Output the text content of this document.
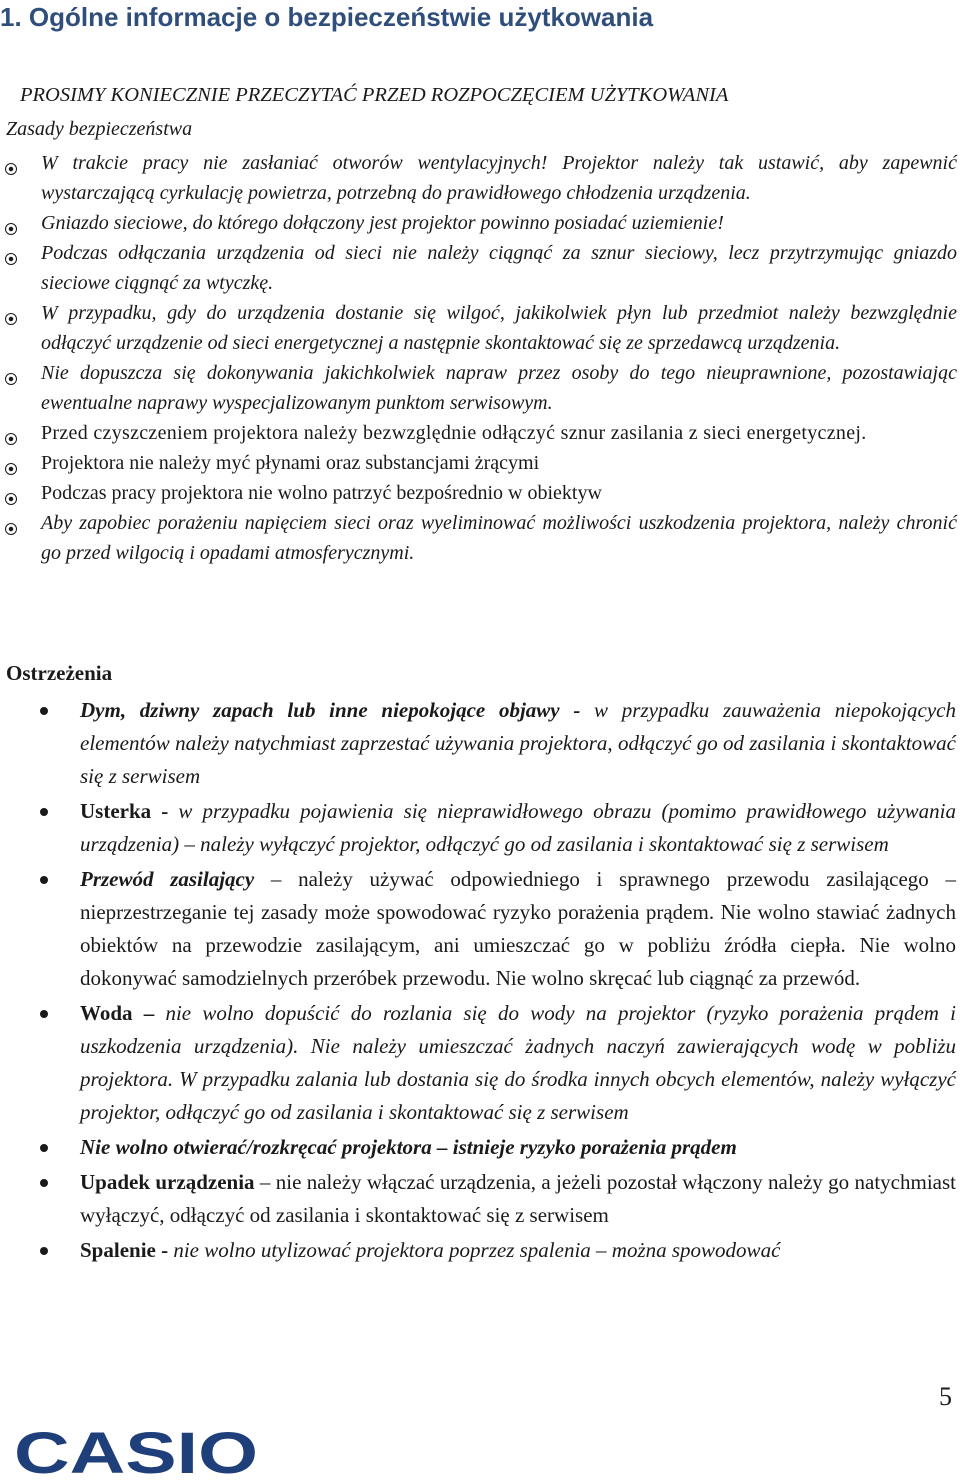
1. Ogólne informacje o bezpieczeństwie użytkowania
PROSIMY KONIECZNIE PRZECZYTAĆ PRZED ROZPOCZĘCIEM UŻYTKOWANIA
Zasady bezpieczeństwa
W trakcie pracy nie zasłaniać otworów wentylacyjnych! Projektor należy tak ustawić, aby zapewnić wystarczającą cyrkulację powietrza, potrzebną do prawidłowego chłodzenia urządzenia.
Gniazdo sieciowe, do którego dołączony jest projektor powinno posiadać uziemienie!
Podczas odłączania urządzenia od sieci nie należy ciągnąć za sznur sieciowy, lecz przytrzymując gniazdo sieciowe ciągnąć za wtyczkę.
W przypadku, gdy do urządzenia dostanie się wilgoć, jakikolwiek płyn lub przedmiot należy bezwzględnie odłączyć urządzenie od sieci energetycznej a następnie skontaktować się ze sprzedawcą urządzenia.
Nie dopuszcza się dokonywania jakichkolwiek napraw przez osoby do tego nieuprawnione, pozostawiając ewentualne naprawy wyspecjalizowanym punktom serwisowym.
Przed czyszczeniem projektora należy bezwzględnie odłączyć sznur zasilania z sieci energetycznej.
Projektora nie należy myć płynami oraz substancjami żrącymi
Podczas pracy projektora nie wolno patrzyć bezpośrednio w obiektyw
Aby zapobiec porażeniu napięciem sieci oraz wyeliminować możliwości uszkodzenia projektora, należy chronić go przed wilgocią i opadami atmosferycznymi.
Ostrzeżenia
Dym, dziwny zapach lub inne niepokojące objawy - w przypadku zauważenia niepokojących elementów należy natychmiast zaprzestać używania projektora, odłączyć go od zasilania i skontaktować się z serwisem
Usterka - w przypadku pojawienia się nieprawidłowego obrazu (pomimo prawidłowego używania urządzenia) – należy wyłączyć projektor, odłączyć go od zasilania i skontaktować się z serwisem
Przewód zasilający – należy używać odpowiedniego i sprawnego przewodu zasilającego – nieprzestrzeganie tej zasady może spowodować ryzyko porażenia prądem. Nie wolno stawiać żadnych obiektów na przewodzie zasilającym, ani umieszczać go w pobliżu źródła ciepła. Nie wolno dokonywać samodzielnych przeróbek przewodu. Nie wolno skręcać lub ciągnąć za przewód.
Woda – nie wolno dopuścić do rozlania się do wody na projektor (ryzyko porażenia prądem i uszkodzenia urządzenia). Nie należy umieszczać żadnych naczyń zawierających wodę w pobliżu projektora. W przypadku zalania lub dostania się do środka innych obcych elementów, należy wyłączyć projektor, odłączyć go od zasilania i skontaktować się z serwisem
Nie wolno otwierać/rozkręcać projektora – istnieje ryzyko porażenia prądem
Upadek urządzenia – nie należy włączać urządzenia, a jeżeli pozostał włączony należy go natychmiast wyłączyć, odłączyć od zasilania i skontaktować się z serwisem
Spalenie - nie wolno utylizować projektora poprzez spalenia – można spowodować
5
CASIO
